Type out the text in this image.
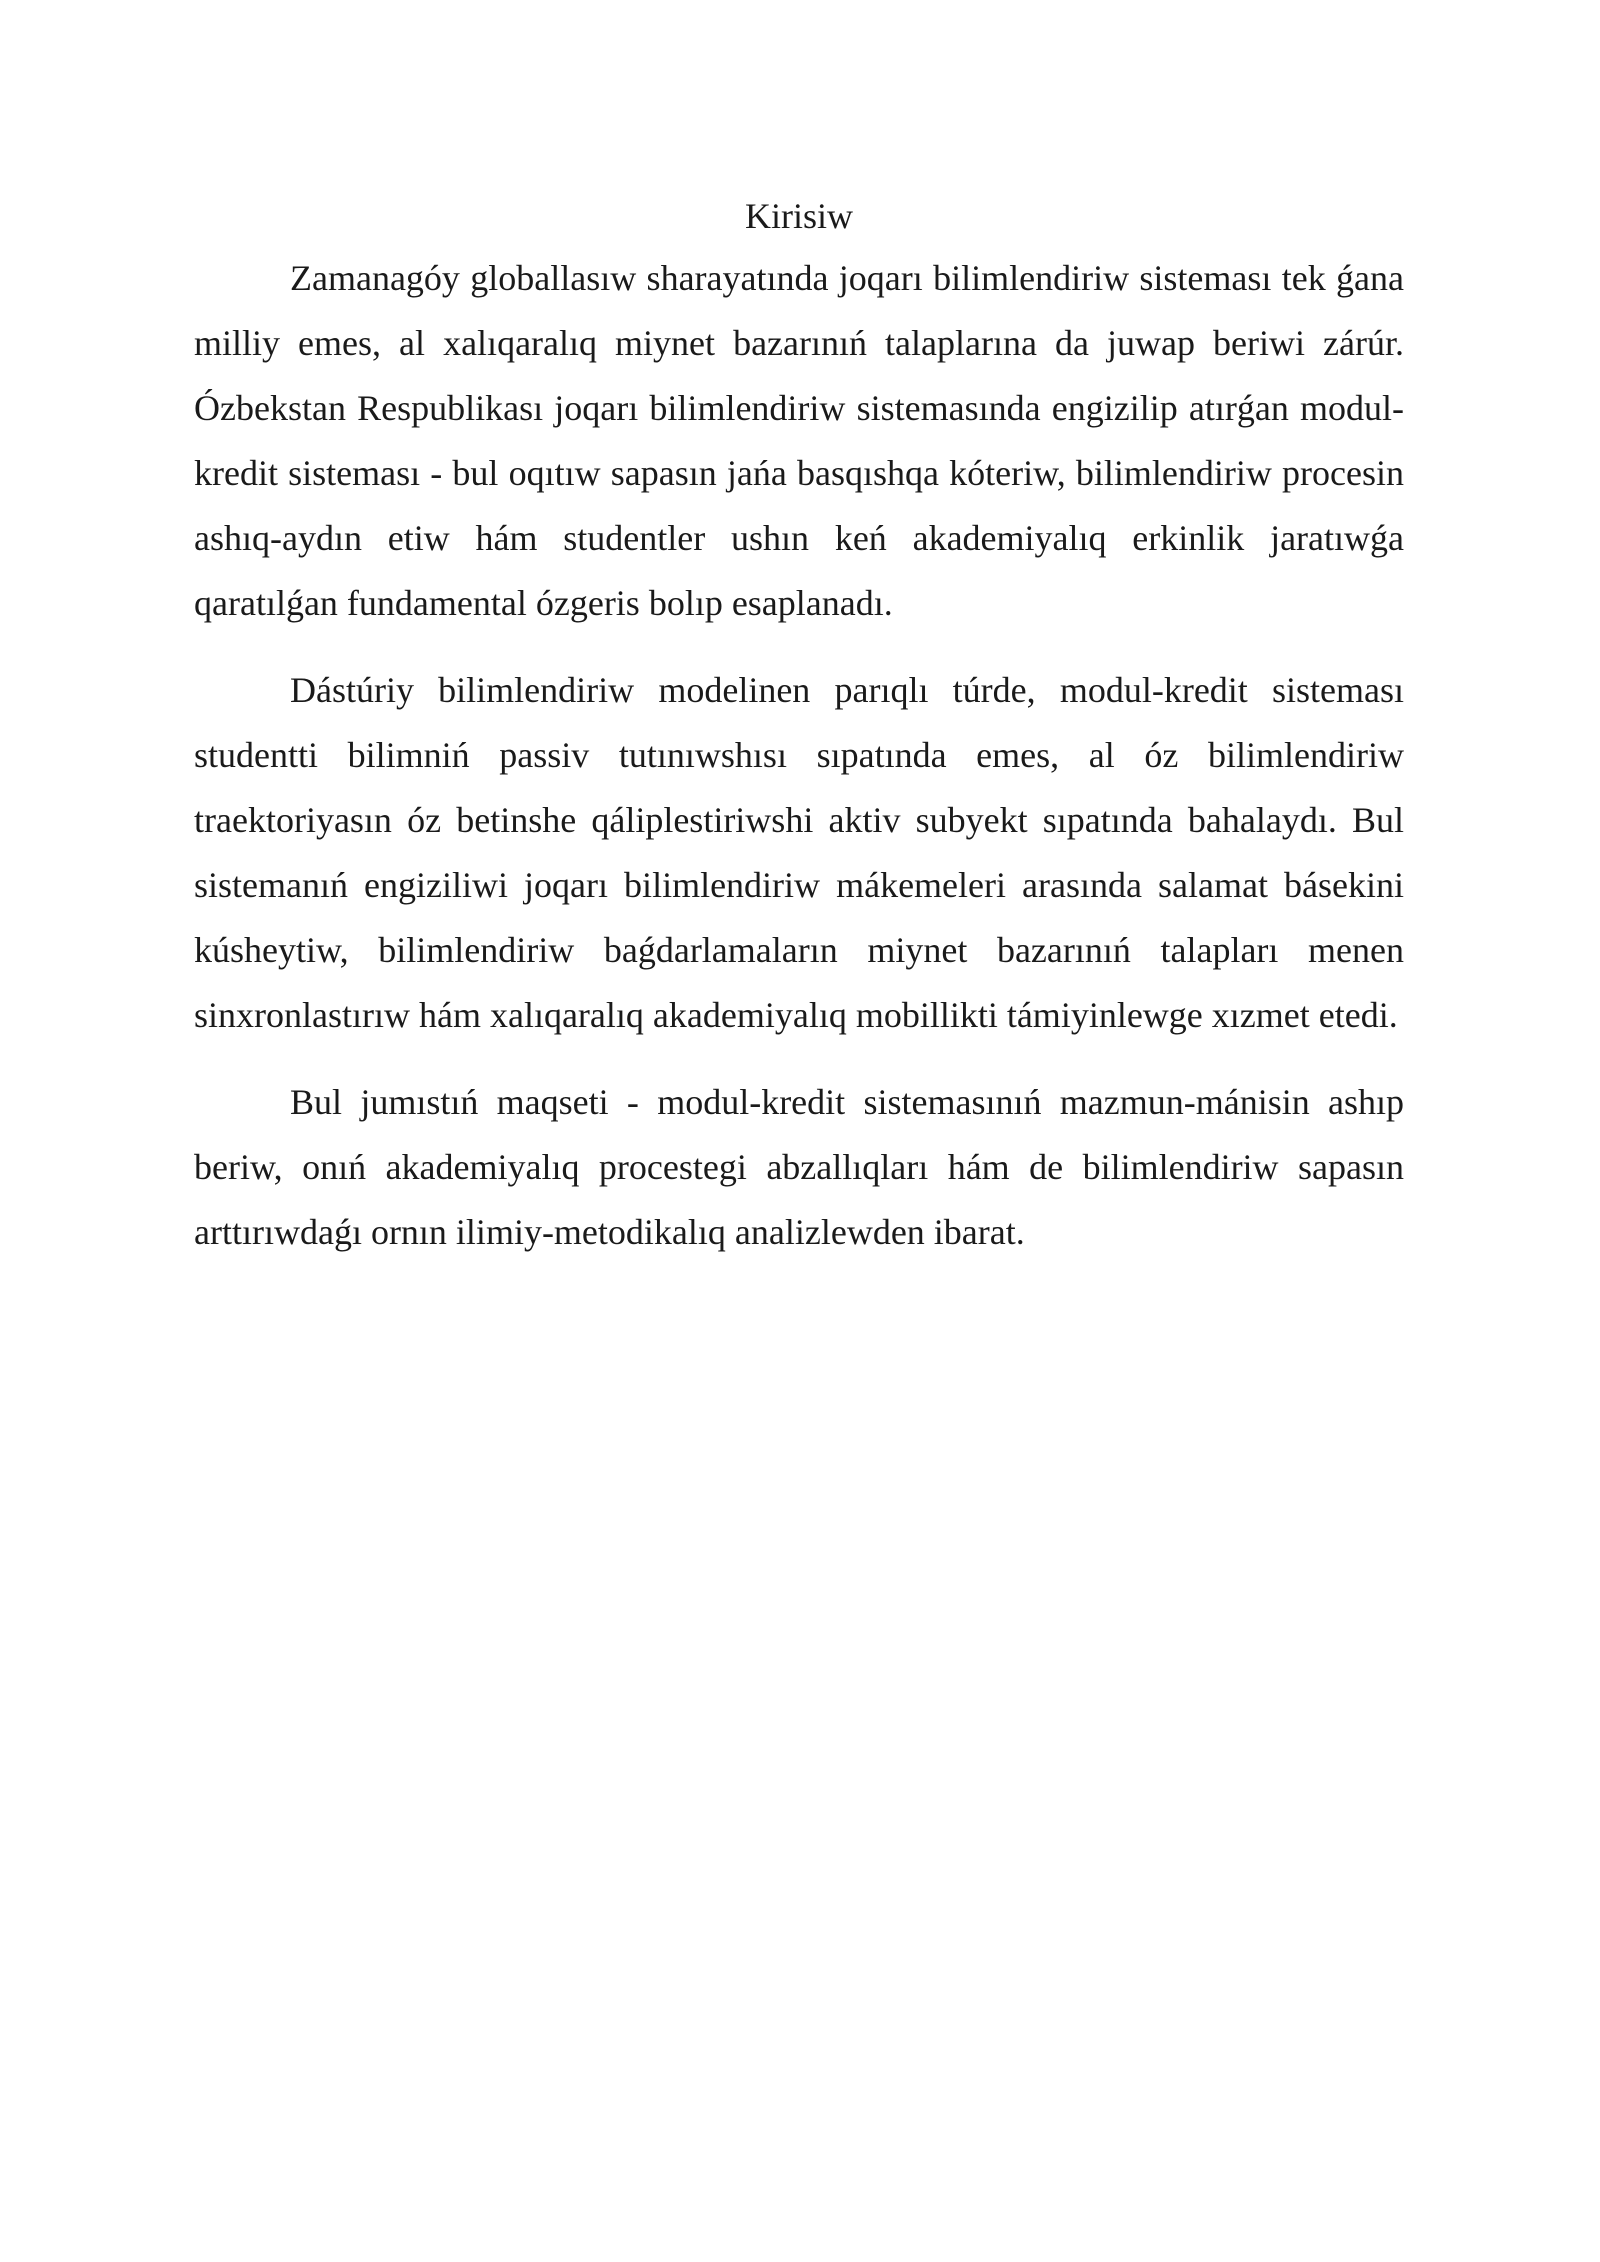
Kirisiw

Zamanagóy globallasıw sharayatında joqarı bilimlendiriw sisteması tek ǵana milliy emes, al xalıqaralıq miynet bazarınıń talaplarına da juwap beriwi zárúr. Ózbekstan Respublikası joqarı bilimlendiriw sistemasında engizilip atırǵan modul-kredit sisteması - bul oqıtıw sapasın jańa basqıshqa kóteriw, bilimlendiriw procesin ashıq-aydın etiw hám studentler ushın keń akademiyalıq erkinlik jaratıwǵa qaratılǵan fundamental ózgeris bolıp esaplanadı.

Dástúriy bilimlendiriw modelinen parıqlı túrde, modul-kredit sisteması studentti bilimniń passiv tutınıwshısı sıpatında emes, al óz bilimlendiriw traektoriyasın óz betinshe qáliplestiriwshi aktiv subyekt sıpatında bahalaydı. Bul sistemanıń engiziliwi joqarı bilimlendiriw mákemeleri arasında salamat básekini kúsheytiw, bilimlendiriw baǵdarlamaların miynet bazarınıń talapları menen sinxronlastırıw hám xalıqaralıq akademiyalıq mobillikti támiyinlewge xızmet etedi.

Bul jumıstıń maqseti - modul-kredit sistemasınıń mazmun-mánisin ashıp beriw, onıń akademiyalıq procestegi abzallıqları hám de bilimlendiriw sapasın arttırıwdaǵı ornın ilimiy-metodikalıq analizlewden ibarat.
